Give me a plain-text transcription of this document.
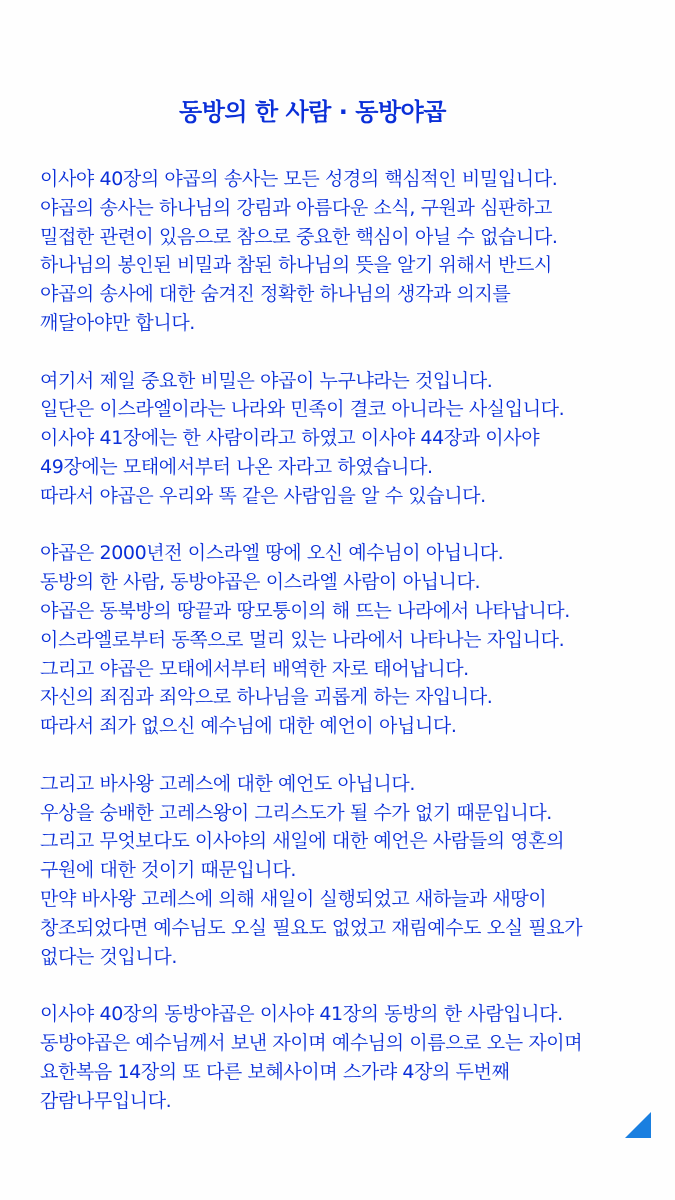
동방의 한 사람 · 동방야곱
이사야 40장의 야곱의 송사는 모든 성경의 핵심적인 비밀입니다.
야곱의 송사는 하나님의 강림과 아름다운 소식, 구원과 심판하고
밀접한 관련이 있음으로 참으로 중요한 핵심이 아닐 수 없습니다.
하나님의 봉인된 비밀과 참된 하나님의 뜻을 알기 위해서 반드시
야곱의 송사에 대한 숨겨진 정확한 하나님의 생각과 의지를
깨달아야만 합니다.
여기서 제일 중요한 비밀은 야곱이 누구냐라는 것입니다.
일단은 이스라엘이라는 나라와 민족이 결코 아니라는 사실입니다.
이사야 41장에는 한 사람이라고 하였고 이사야 44장과 이사야
49장에는 모태에서부터 나온 자라고 하였습니다.
따라서 야곱은 우리와 똑 같은 사람임을 알 수 있습니다.
야곱은 2000년전 이스라엘 땅에 오신 예수님이 아닙니다.
동방의 한 사람, 동방야곱은 이스라엘 사람이 아닙니다.
야곱은 동북방의 땅끝과 땅모퉁이의 해 뜨는 나라에서 나타납니다.
이스라엘로부터 동쪽으로 멀리 있는 나라에서 나타나는 자입니다.
그리고 야곱은 모태에서부터 배역한 자로 태어납니다.
자신의 죄짐과 죄악으로 하나님을 괴롭게 하는 자입니다.
따라서 죄가 없으신 예수님에 대한 예언이 아닙니다.
그리고 바사왕 고레스에 대한 예언도 아닙니다.
우상을 숭배한 고레스왕이 그리스도가 될 수가 없기 때문입니다.
그리고 무엇보다도 이사야의 새일에 대한 예언은 사람들의 영혼의
구원에 대한 것이기 때문입니다.
만약 바사왕 고레스에 의해 새일이 실행되었고 새하늘과 새땅이
창조되었다면 예수님도 오실 필요도 없었고 재림예수도 오실 필요가
없다는 것입니다.
이사야 40장의 동방야곱은 이사야 41장의 동방의 한 사람입니다.
동방야곱은 예수님께서 보낸 자이며 예수님의 이름으로 오는 자이며
요한복음 14장의 또 다른 보혜사이며 스가랴 4장의 두번째
감람나무입니다.
